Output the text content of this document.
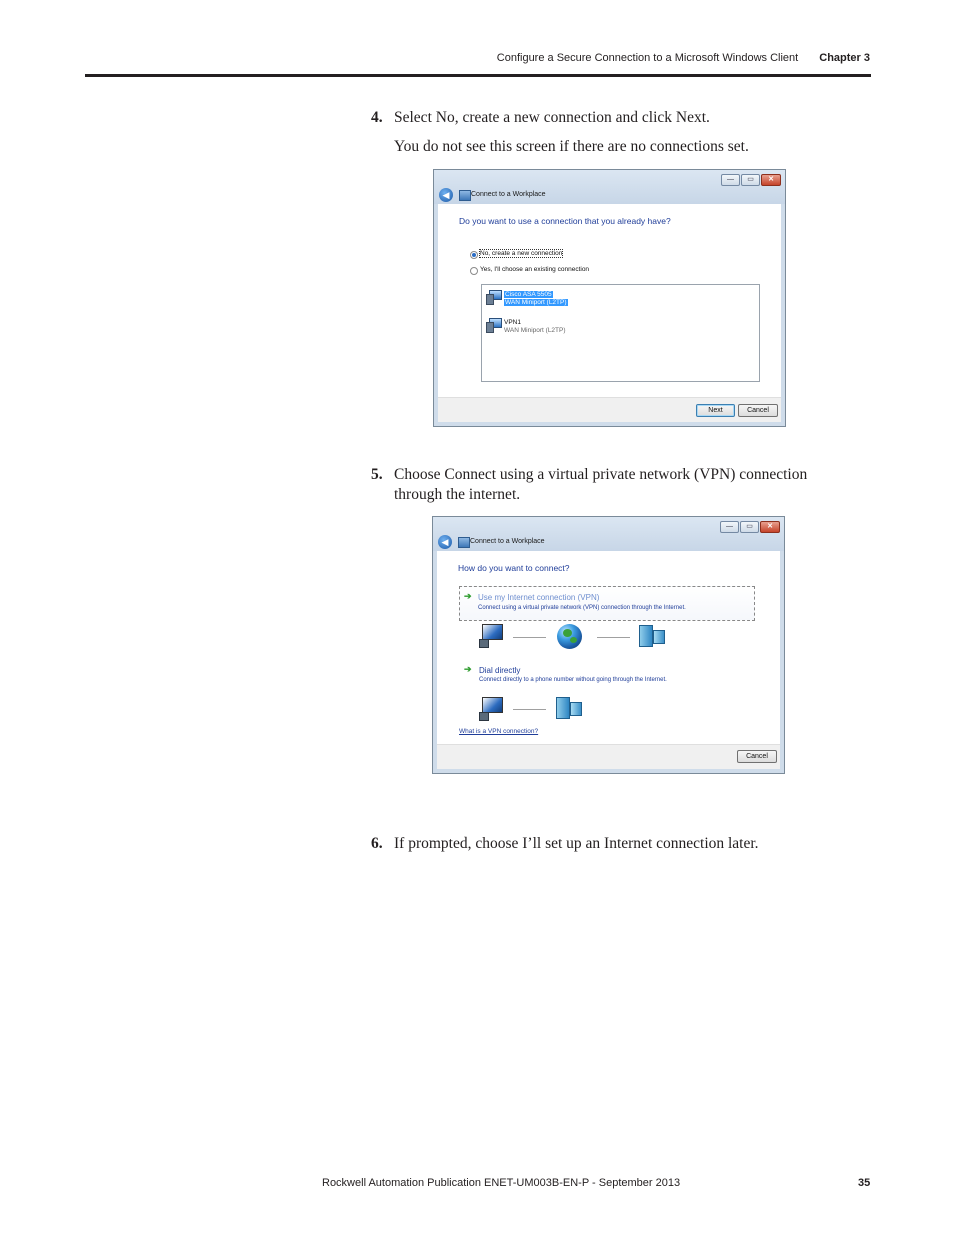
Configure a Secure Connection to a Microsoft Windows Client Chapter 3
4. Select No, create a new connection and click Next.
You do not see this screen if there are no connections set.
—	▭	✕
◀	Connect to a Workplace
Do you want to use a connection that you already have?
No, create a new connection
Yes, I'll choose an existing connection
Cisco ASA 5505
WAN Miniport (L2TP)
VPN1
WAN Miniport (L2TP)
Next	Cancel
5. Choose Connect using a virtual private network (VPN) connection through the internet.
—	▭	✕
◀	Connect to a Workplace
How do you want to connect?
➔ Use my Internet connection (VPN)
Connect using a virtual private network (VPN) connection through the Internet.
➔ Dial directly
Connect directly to a phone number without going through the Internet.
What is a VPN connection?
Cancel
6. If prompted, choose I’ll set up an Internet connection later.
Rockwell Automation Publication ENET-UM003B-EN-P - September 2013	35
